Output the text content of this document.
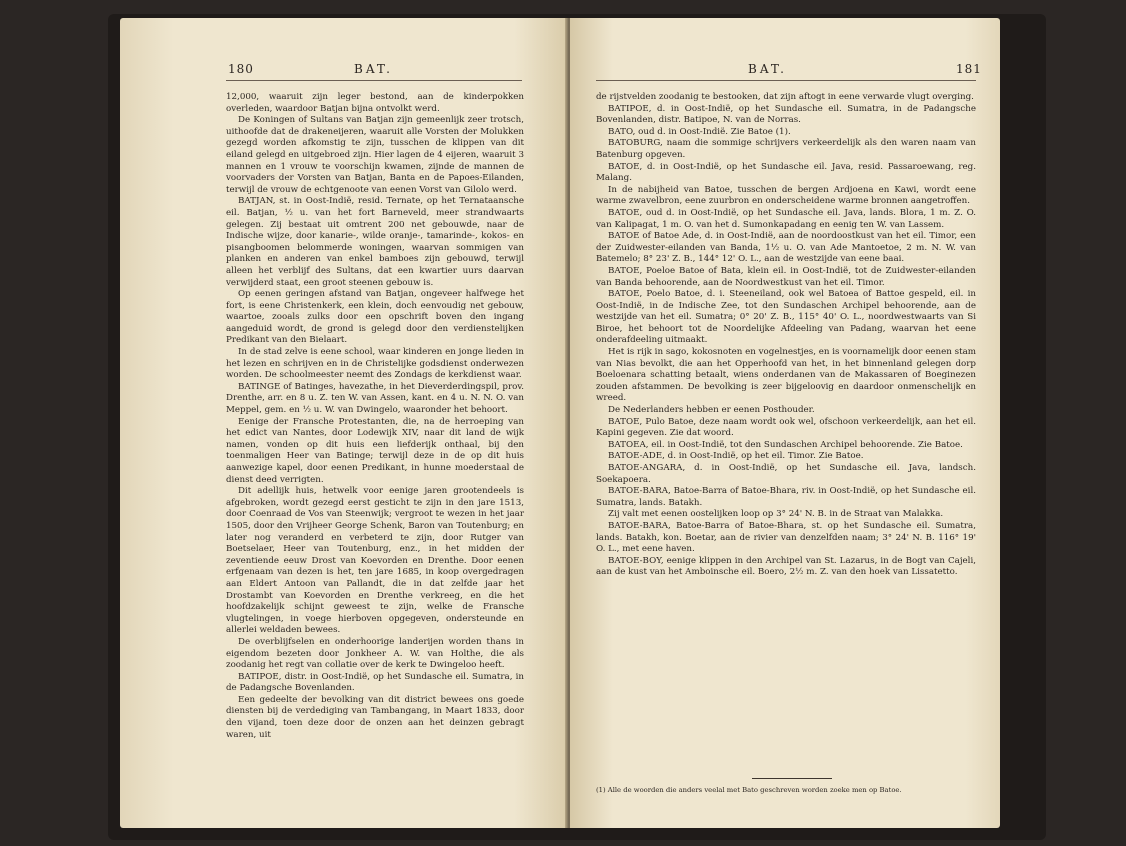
180	BAT.

12,000, waaruit zijn leger bestond, aan de kinderpokken overleden, waardoor Batjan bijna ontvolkt werd.

De Koningen of Sultans van Batjan zijn gemeenlijk zeer trotsch, uithoofde dat de drakeneijeren, waaruit alle Vorsten der Molukken gezegd worden afkomstig te zijn, tusschen de klippen van dit eiland gelegd en uitgebroed zijn. Hier lagen de 4 eijeren, waaruit 3 mannen en 1 vrouw te voorschijn kwamen, zijnde de mannen de voorvaders der Vorsten van Batjan, Banta en de Papoes-Eilanden, terwijl de vrouw de echtgenoote van eenen Vorst van Gilolo werd.

BATJAN, st. in Oost-Indië, resid. Ternate, op het Ternataansche eil. Batjan, ½ u. van het fort Barneveld, meer strandwaarts gelegen. Zij bestaat uit omtrent 200 net gebouwde, naar de Indische wijze, door kanarie-, wilde oranje-, tamarinde-, kokos- en pisangboomen belommerde woningen, waarvan sommigen van planken en anderen van enkel bamboes zijn gebouwd, terwijl alleen het verblijf des Sultans, dat een kwartier uurs daarvan verwijderd staat, een groot steenen gebouw is.

Op eenen geringen afstand van Batjan, ongeveer halfwege het fort, is eene Christenkerk, een klein, doch eenvoudig net gebouw, waartoe, zooals zulks door een opschrift boven den ingang aangeduid wordt, de grond is gelegd door den verdienstelijken Predikant van den Bielaart.

In de stad zelve is eene school, waar kinderen en jonge lieden in het lezen en schrijven en in de Christelijke godsdienst onderwezen worden. De schoolmeester neemt des Zondags de kerkdienst waar.

BATINGE of Batinges, havezathe, in het Dieverderdingspil, prov. Drenthe, arr. en 8 u. Z. ten W. van Assen, kant. en 4 u. N. N. O. van Meppel, gem. en ½ u. W. van Dwingelo, waaronder het behoort.

Eenige der Fransche Protestanten, die, na de herroeping van het edict van Nantes, door Lodewijk XIV, naar dit land de wijk namen, vonden op dit huis een liefderijk onthaal, bij den toenmaligen Heer van Batinge; terwijl deze in de op dit huis aanwezige kapel, door eenen Predikant, in hunne moederstaal de dienst deed verrigten.

Dit adellijk huis, hetwelk voor eenige jaren grootendeels is afgebroken, wordt gezegd eerst gesticht te zijn in den jare 1513, door Coenraad de Vos van Steenwijk; vergroot te wezen in het jaar 1505, door den Vrijheer George Schenk, Baron van Toutenburg; en later nog veranderd en verbeterd te zijn, door Rutger van Boetselaer, Heer van Toutenburg, enz., in het midden der zeventiende eeuw Drost van Koevorden en Drenthe. Door eenen erfgenaam van dezen is het, ten jare 1685, in koop overgedragen aan Eldert Antoon van Pallandt, die in dat zelfde jaar het Drostambt van Koevorden en Drenthe verkreeg, en die het hoofdzakelijk schijnt geweest te zijn, welke de Fransche vlugtelingen, in voege hierboven opgegeven, ondersteunde en allerlei weldaden bewees.

De overblijfselen en onderhoorige landerijen worden thans in eigendom bezeten door Jonkheer A. W. van Holthe, die als zoodanig het regt van collatie over de kerk te Dwingeloo heeft.

BATIPOE, distr. in Oost-Indië, op het Sundasche eil. Sumatra, in de Padangsche Bovenlanden.

Een gedeelte der bevolking van dit district bewees ons goede diensten bij de verdediging van Tambangang, in Maart 1833, door den vijand, toen deze door de onzen aan het deinzen gebragt waren, uit

BAT.	181

de rijstvelden zoodanig te bestooken, dat zijn aftogt in eene verwarde vlugt overging.

BATIPOE, d. in Oost-Indië, op het Sundasche eil. Sumatra, in de Padangsche Bovenlanden, distr. Batipoe, N. van de Norras.

BATO, oud d. in Oost-Indië. Zie Batoe (1).

BATOBURG, naam die sommige schrijvers verkeerdelijk als den waren naam van Batenburg opgeven.

BATOE, d. in Oost-Indië, op het Sundasche eil. Java, resid. Passaroewang, reg. Malang.

In de nabijheid van Batoe, tusschen de bergen Ardjoena en Kawi, wordt eene warme zwavelbron, eene zuurbron en onderscheidene warme bronnen aangetroffen.

BATOE, oud d. in Oost-Indië, op het Sundasche eil. Java, lands. Blora, 1 m. Z. O. van Kalipagat, 1 m. O. van het d. Sumonkapadang en eenig ten W. van Lassem.

BATOE of Batoe Ade, d. in Oost-Indië, aan de noordoostkust van het eil. Timor, een der Zuidwester-eilanden van Banda, 1½ u. O. van Ade Mantoetoe, 2 m. N. W. van Batemelo; 8° 23' Z. B., 144° 12' O. L., aan de westzijde van eene baai.

BATOE, Poeloe Batoe of Bata, klein eil. in Oost-Indië, tot de Zuidwester-eilanden van Banda behoorende, aan de Noordwestkust van het eil. Timor.

BATOE, Poelo Batoe, d. i. Steeneiland, ook wel Batoea of Battoe gespeld, eil. in Oost-Indië, in de Indische Zee, tot den Sundaschen Archipel behoorende, aan de westzijde van het eil. Sumatra; 0° 20' Z. B., 115° 40' O. L., noordwestwaarts van Si Biroe, het behoort tot de Noordelijke Afdeeling van Padang, waarvan het eene onderafdeeling uitmaakt.

Het is rijk in sago, kokosnoten en vogelnestjes, en is voornamelijk door eenen stam van Nias bevolkt, die aan het Opperhoofd van het, in het binnenland gelegen dorp Boeloenara schatting betaalt, wiens onderdanen van de Makassaren of Boeginezen zouden afstammen. De bevolking is zeer bijgeloovig en daardoor onmenschelijk en wreed.

De Nederlanders hebben er eenen Posthouder.

BATOE, Pulo Batoe, deze naam wordt ook wel, ofschoon verkeerdelijk, aan het eil. Kapini gegeven. Zie dat woord.

BATOEA, eil. in Oost-Indië, tot den Sundaschen Archipel behoorende. Zie Batoe.

BATOE-ADE, d. in Oost-Indië, op het eil. Timor. Zie Batoe.

BATOE-ANGARA, d. in Oost-Indië, op het Sundasche eil. Java, landsch. Soekapoera.

BATOE-BARA, Batoe-Barra of Batoe-Bhara, riv. in Oost-Indië, op het Sundasche eil. Sumatra, lands. Batakh.

Zij valt met eenen oostelijken loop op 3° 24' N. B. in de Straat van Malakka.

BATOE-BARA, Batoe-Barra of Batoe-Bhara, st. op het Sundasche eil. Sumatra, lands. Batakh, kon. Boetar, aan de rivier van denzelfden naam; 3° 24' N. B. 116° 19' O. L., met eene haven.

BATOE-BOY, eenige klippen in den Archipel van St. Lazarus, in de Bogt van Cajeli, aan de kust van het Amboinsche eil. Boero, 2½ m. Z. van den hoek van Lissatetto.

(1) Alle de woorden die anders veelal met Bato geschreven worden zoeke men op Batoe.
